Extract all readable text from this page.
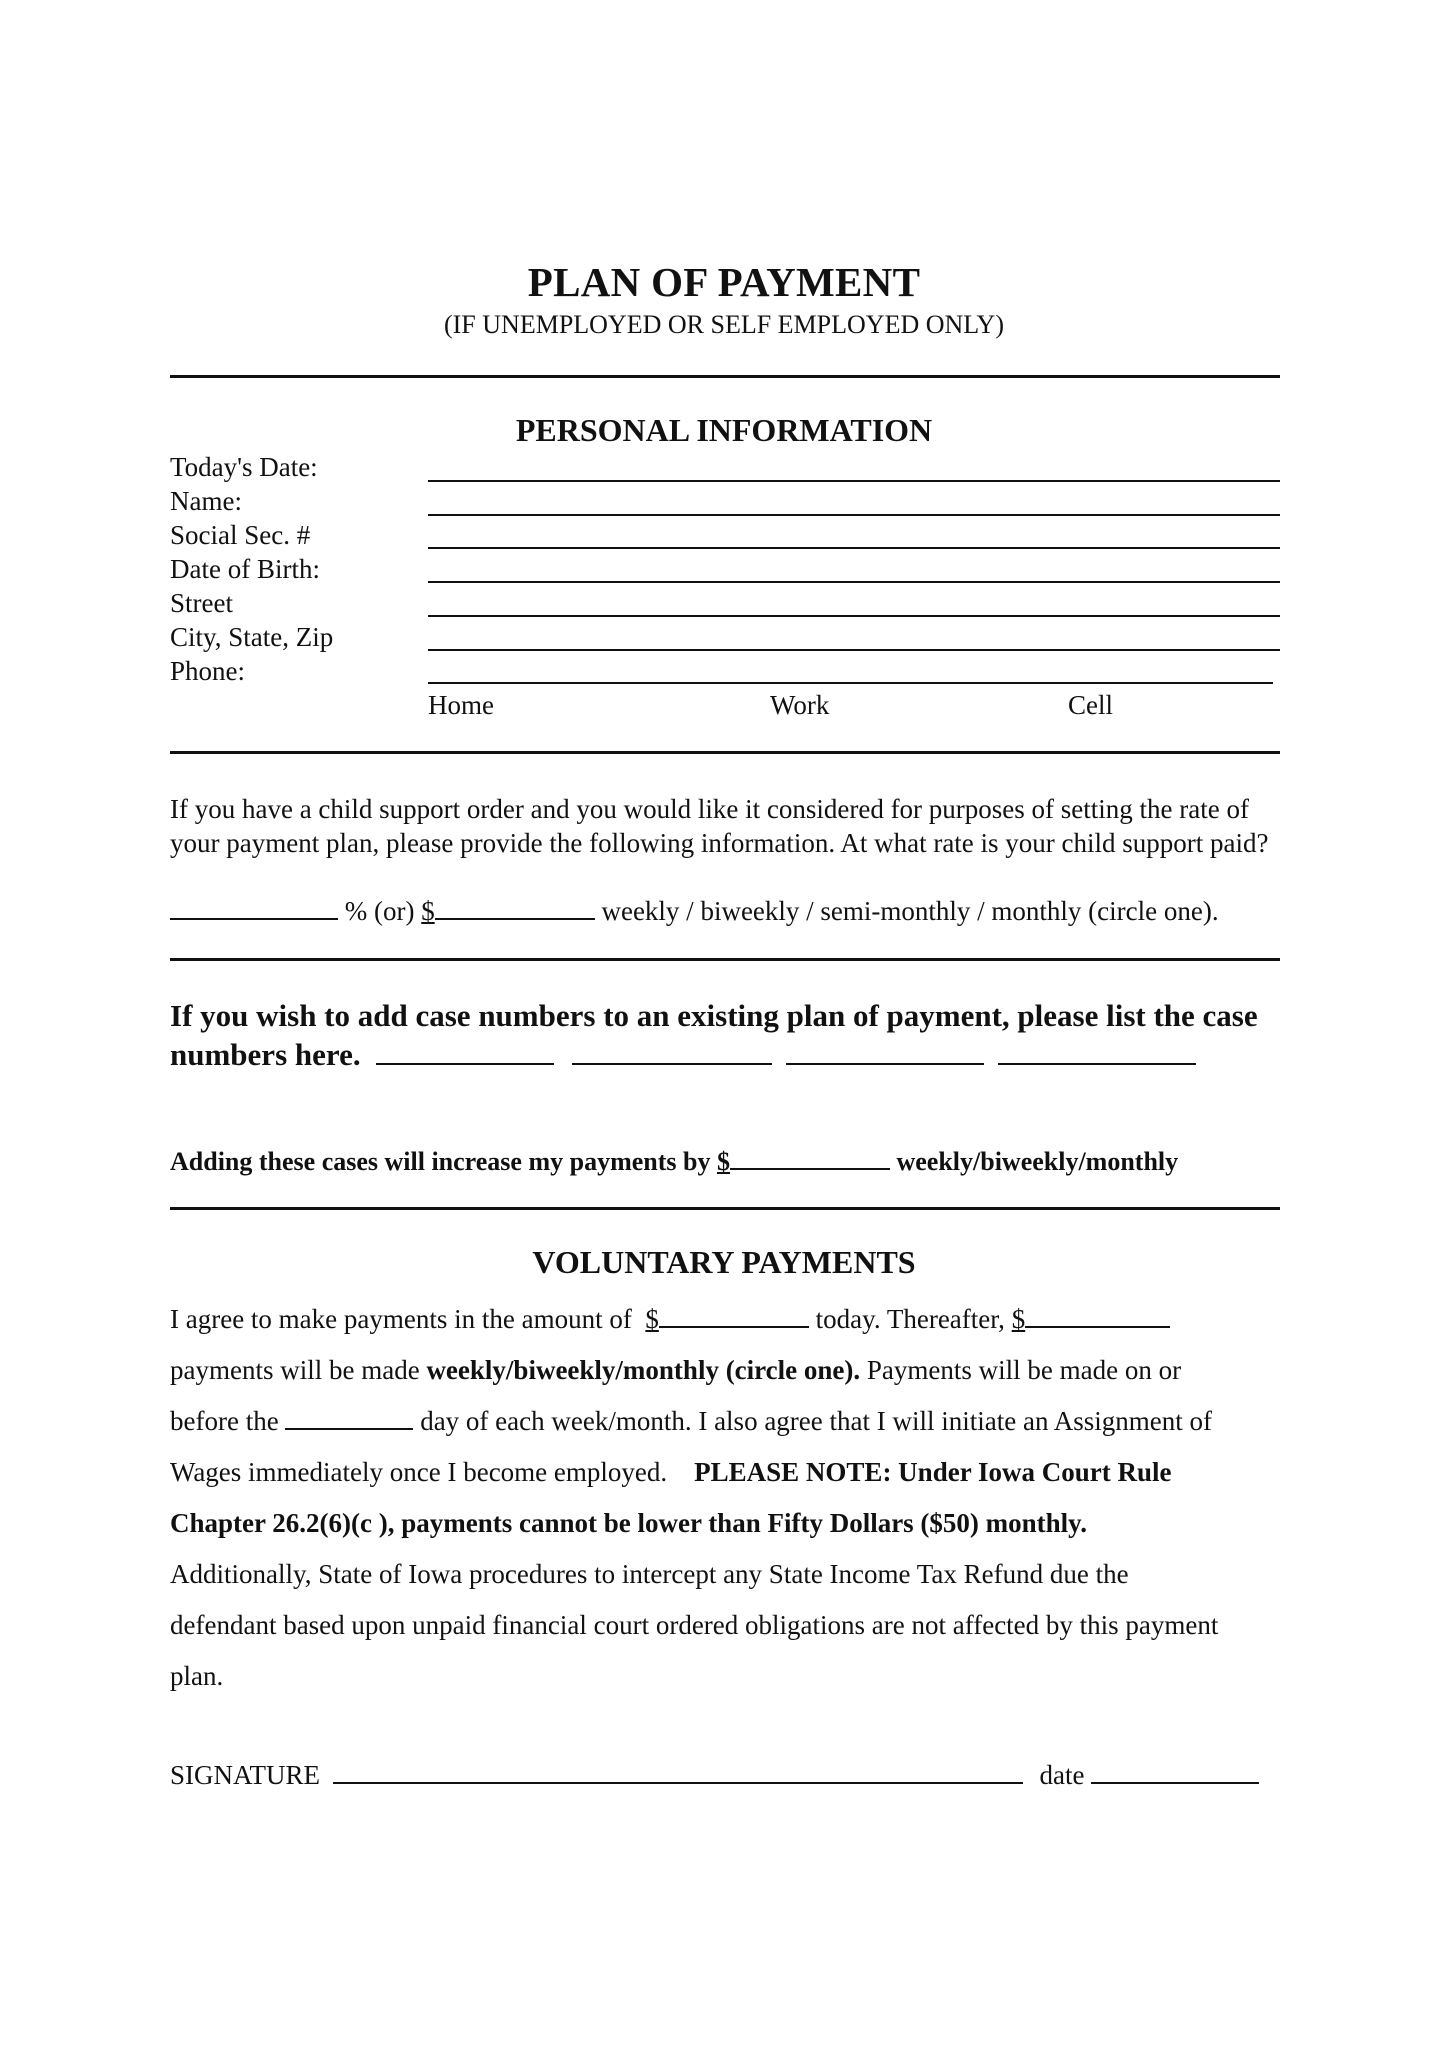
PLAN OF PAYMENT
(IF UNEMPLOYED OR SELF EMPLOYED ONLY)
PERSONAL INFORMATION
Today's Date:
Name:
Social Sec. #
Date of Birth:
Street
City, State, Zip
Phone:
Home	Work	Cell
If you have a child support order and you would like it considered for purposes of setting the rate of your payment plan, please provide the following information. At what rate is your child support paid?
% (or) $	weekly / biweekly / semi-monthly / monthly (circle one).
If you wish to add case numbers to an existing plan of payment, please list the case numbers here.
Adding these cases will increase my payments by $	weekly/biweekly/monthly
VOLUNTARY PAYMENTS
I agree to make payments in the amount of $	today. Thereafter, $
payments will be made weekly/biweekly/monthly (circle one). Payments will be made on or
before the	day of each week/month. I also agree that I will initiate an Assignment of
Wages immediately once I become employed. PLEASE NOTE: Under Iowa Court Rule
Chapter 26.2(6)(c ), payments cannot be lower than Fifty Dollars ($50) monthly.
Additionally, State of Iowa procedures to intercept any State Income Tax Refund due the
defendant based upon unpaid financial court ordered obligations are not affected by this payment
plan.
SIGNATURE	date
